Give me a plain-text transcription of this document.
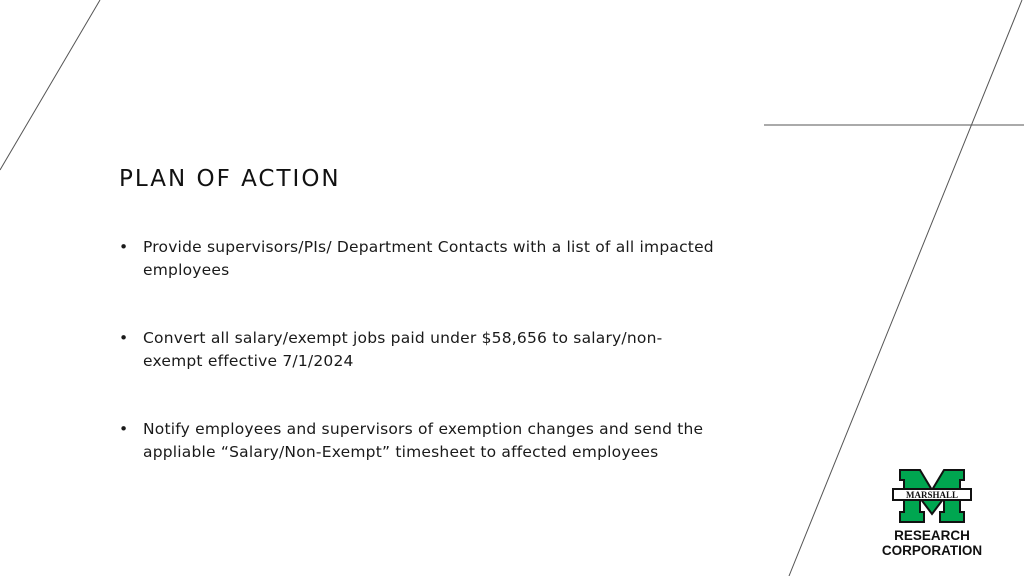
PLAN OF ACTION
• Provide supervisors/PIs/ Department Contacts with a list of all impacted employees
• Convert all salary/exempt jobs paid under $58,656 to salary/non-exempt effective 7/1/2024
• Notify employees and supervisors of exemption changes and send the appliable “Salary/Non-Exempt” timesheet to affected employees
MARSHALL
RESEARCH
CORPORATION
